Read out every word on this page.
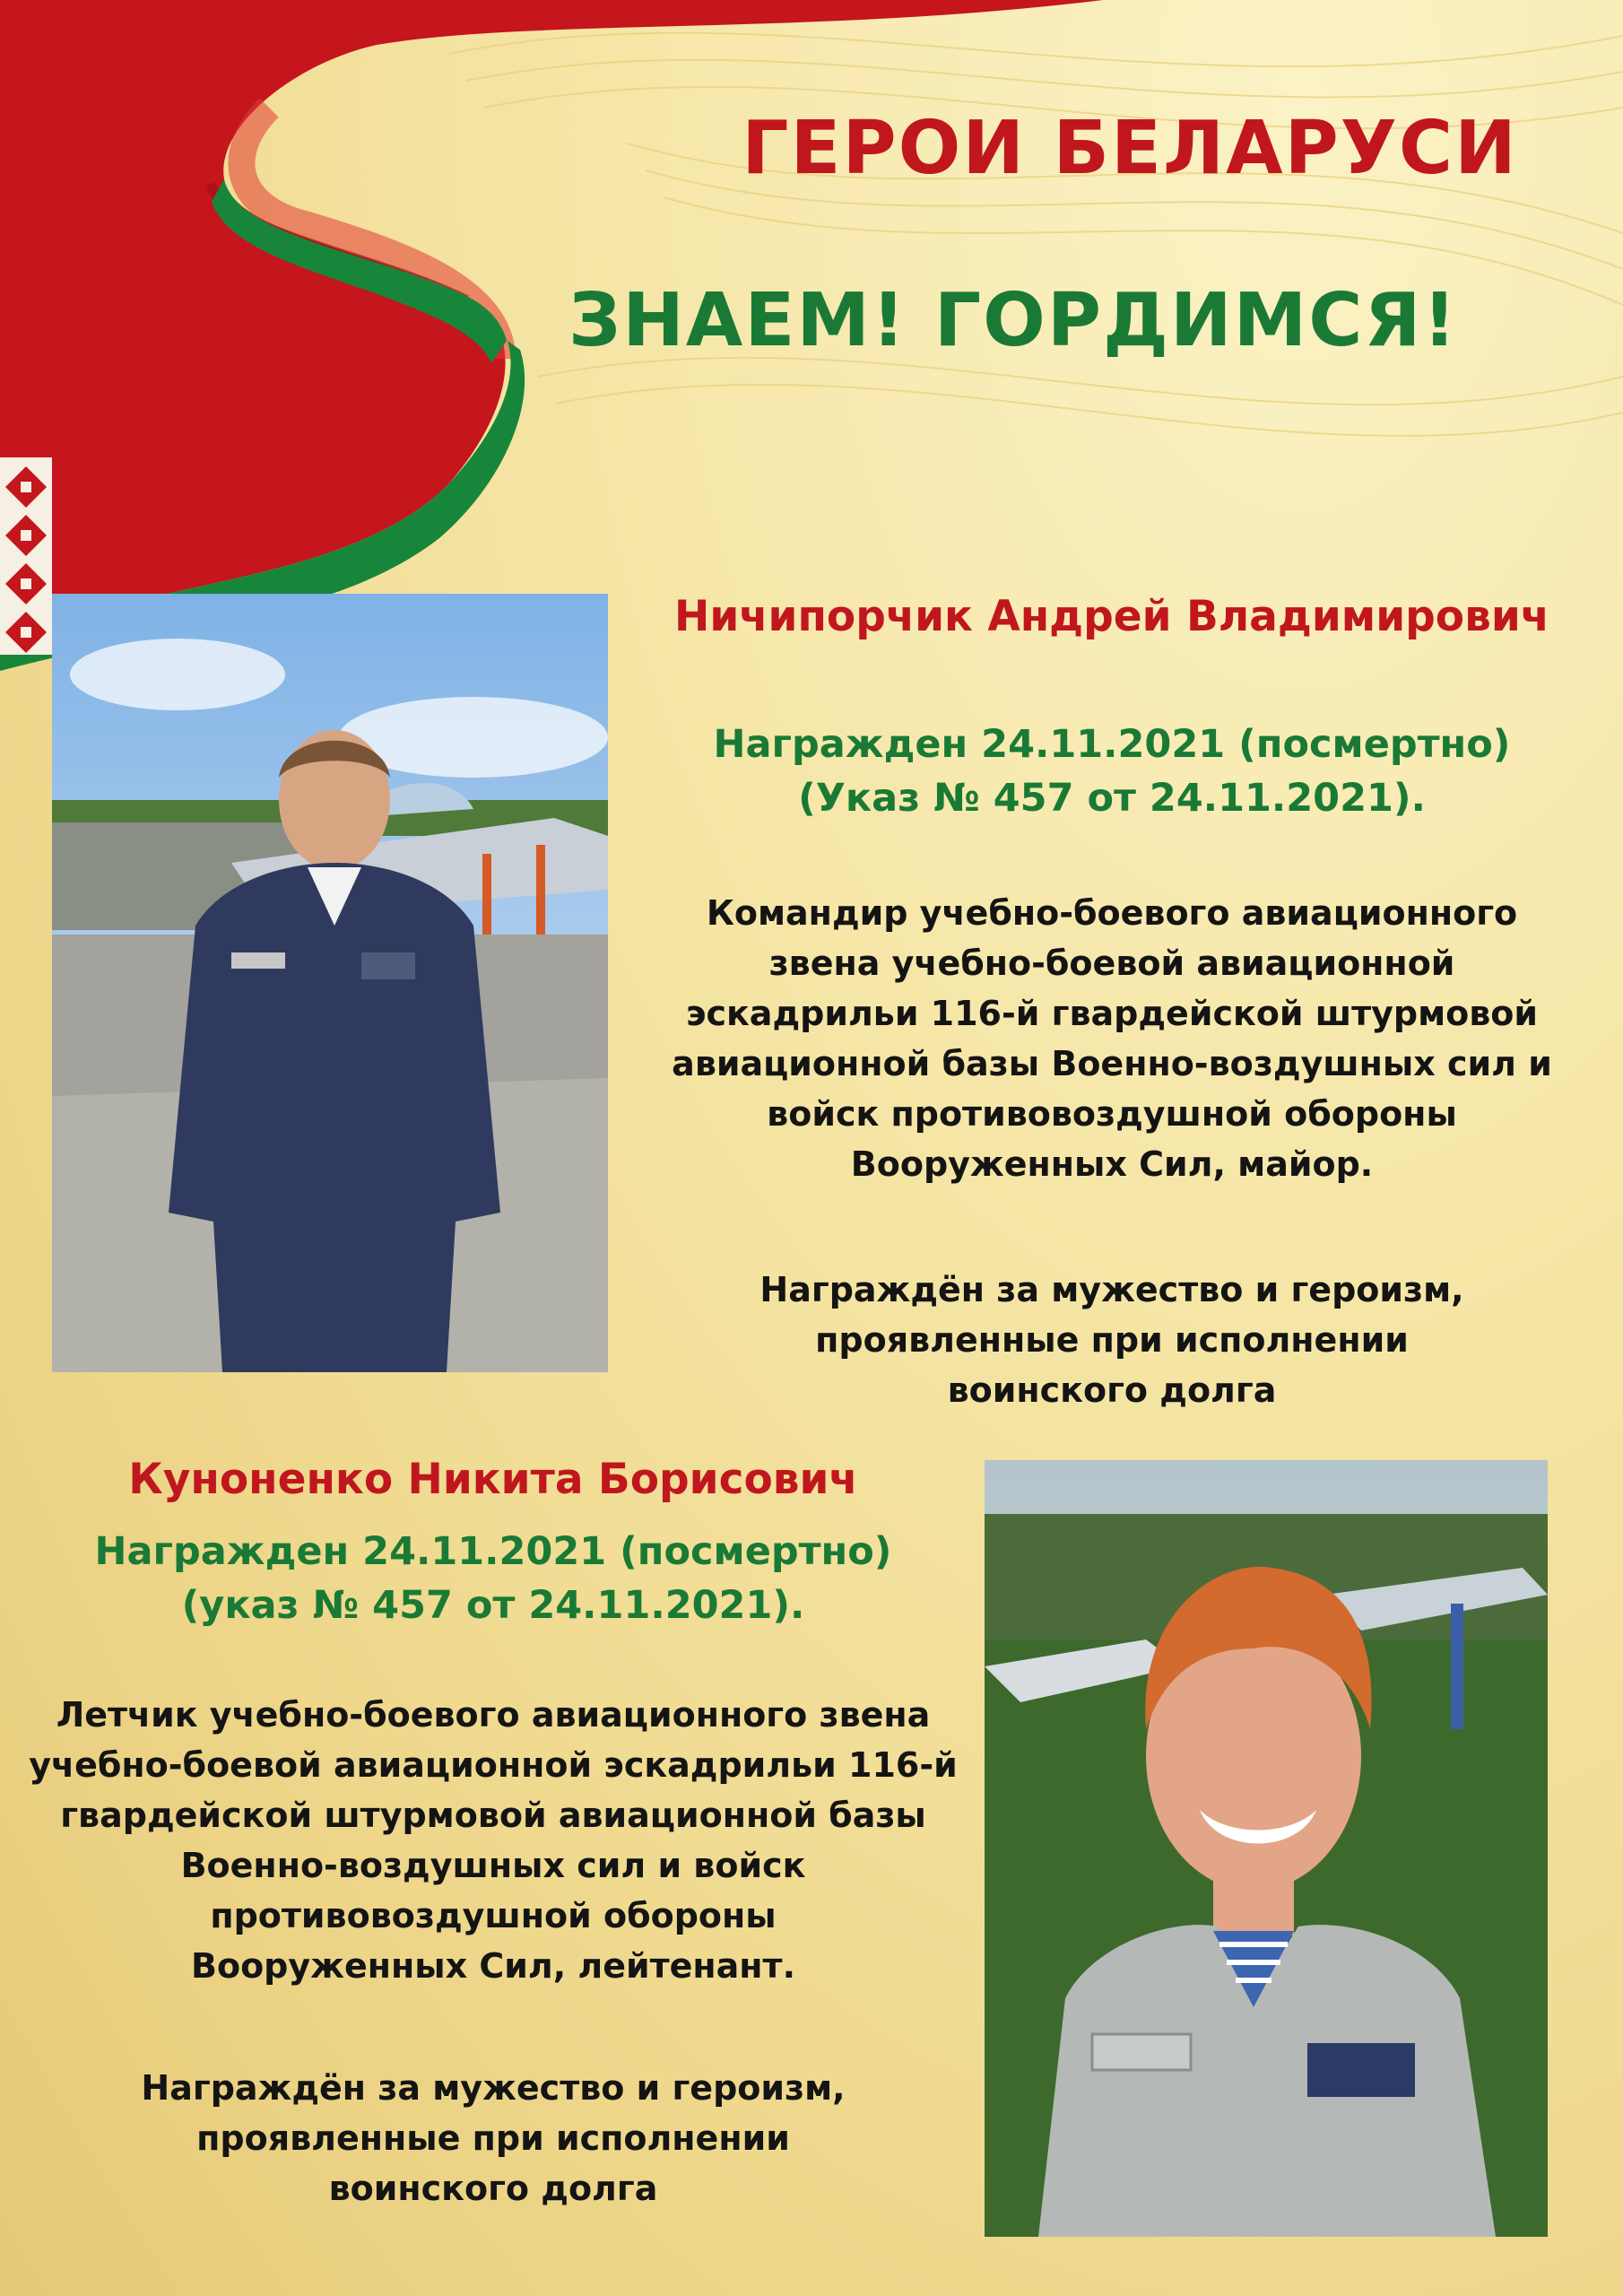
ГЕРОИ БЕЛАРУСИ
ЗНАЕМ! ГОРДИМСЯ!
Ничипорчик Андрей Владимирович
Награжден 24.11.2021 (посмертно)
(Указ № 457 от 24.11.2021).
Командир учебно-боевого авиационного
звена учебно-боевой авиационной
эскадрильи 116-й гвардейской штурмовой
авиационной базы Военно-воздушных сил и
войск противовоздушной обороны
Вооруженных Сил, майор.
Награждён за мужество и героизм,
проявленные при исполнении
воинского долга
Куноненко Никита Борисович
Награжден 24.11.2021 (посмертно)
(указ № 457 от 24.11.2021).
Летчик учебно-боевого авиационного звена
учебно-боевой авиационной эскадрильи 116-й
гвардейской штурмовой авиационной базы
Военно-воздушных сил и войск
противовоздушной обороны
Вооруженных Сил, лейтенант.
Награждён за мужество и героизм,
проявленные при исполнении
воинского долга
